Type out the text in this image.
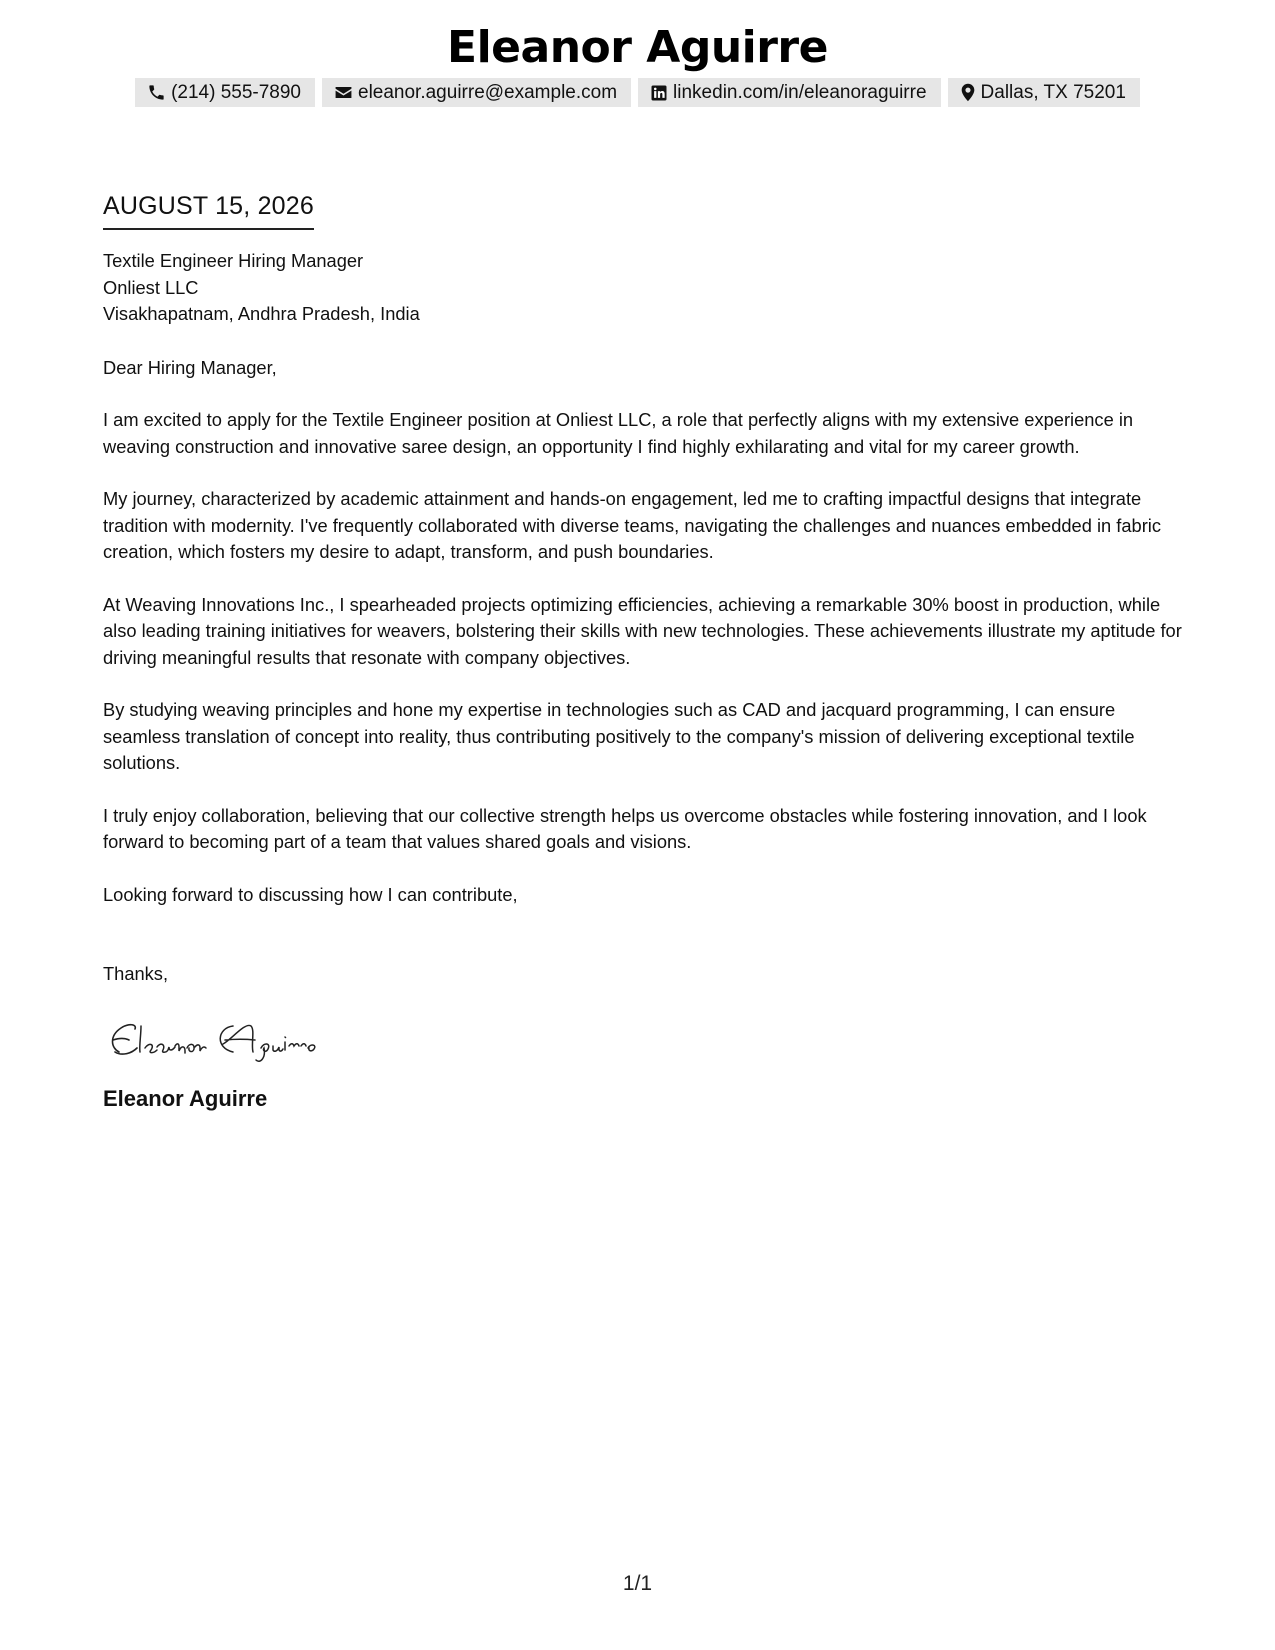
Eleanor Aguirre
(214) 555-7890	eleanor.aguirre@example.com	linkedin.com/in/eleanoraguirre	Dallas, TX 75201
AUGUST 15, 2026
Textile Engineer Hiring Manager
Onliest LLC
Visakhapatnam, Andhra Pradesh, India
Dear Hiring Manager,

I am excited to apply for the Textile Engineer position at Onliest LLC, a role that perfectly aligns with my extensive experience in weaving construction and innovative saree design, an opportunity I find highly exhilarating and vital for my career growth.

My journey, characterized by academic attainment and hands-on engagement, led me to crafting impactful designs that integrate tradition with modernity. I've frequently collaborated with diverse teams, navigating the challenges and nuances embedded in fabric creation, which fosters my desire to adapt, transform, and push boundaries.

At Weaving Innovations Inc., I spearheaded projects optimizing efficiencies, achieving a remarkable 30% boost in production, while also leading training initiatives for weavers, bolstering their skills with new technologies. These achievements illustrate my aptitude for driving meaningful results that resonate with company objectives.

By studying weaving principles and hone my expertise in technologies such as CAD and jacquard programming, I can ensure seamless translation of concept into reality, thus contributing positively to the company's mission of delivering exceptional textile solutions.

I truly enjoy collaboration, believing that our collective strength helps us overcome obstacles while fostering innovation, and I look forward to becoming part of a team that values shared goals and visions.

Looking forward to discussing how I can contribute,
Thanks,
Eleanor Aguirre
1/1
